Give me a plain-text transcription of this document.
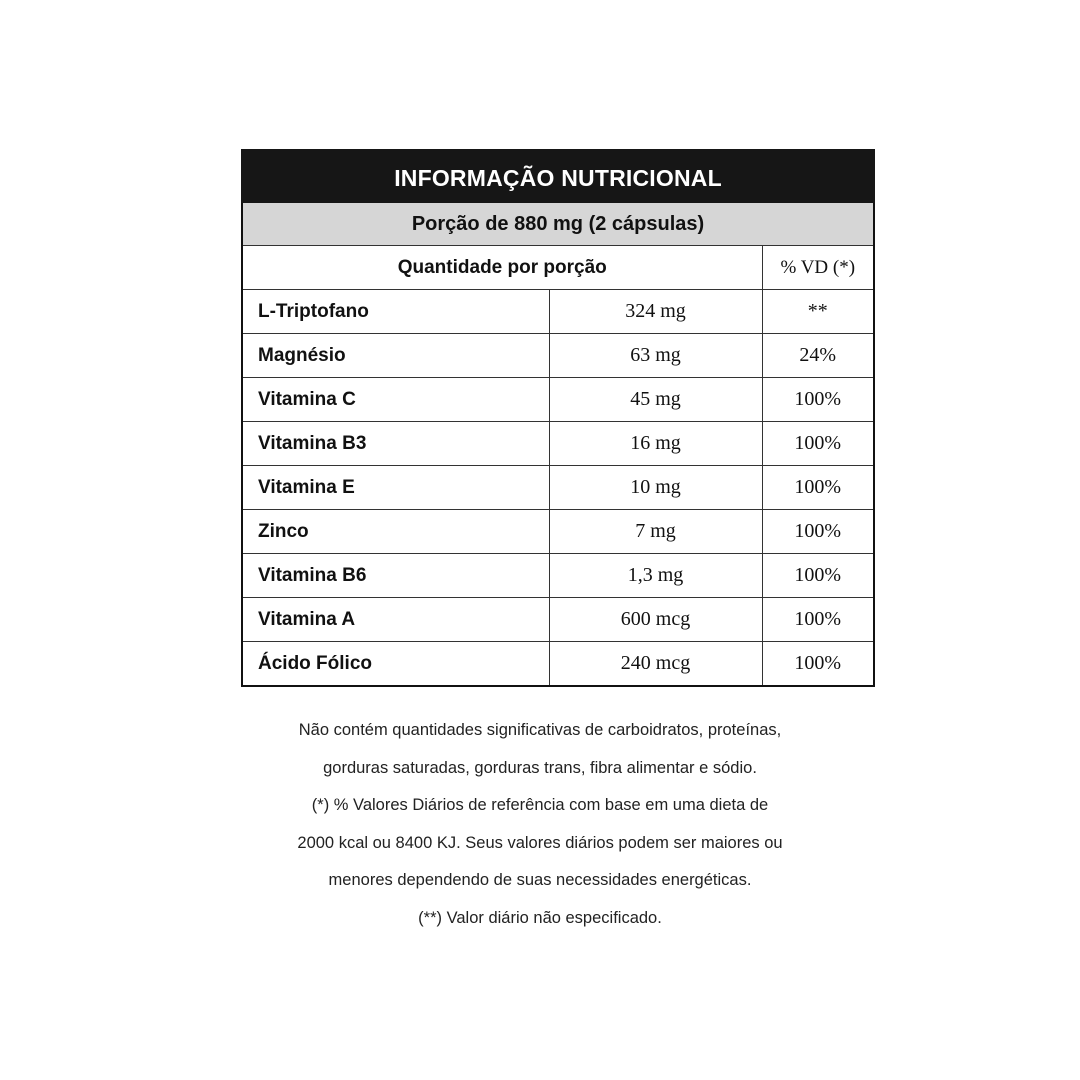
INFORMAÇÃO NUTRICIONAL		
Porção de 880 mg (2 cápsulas)		
Quantidade por porção		% VD (*)
L-Triptofano	324 mg	**
Magnésio	63 mg	24%
Vitamina C	45 mg	100%
Vitamina B3	16 mg	100%
Vitamina E	10 mg	100%
Zinco	7 mg	100%
Vitamina B6	1,3 mg	100%
Vitamina A	600 mcg	100%
Ácido Fólico	240 mcg	100%

Não contém quantidades significativas de carboidratos, proteínas,

gorduras saturadas, gorduras trans, fibra alimentar e sódio.

(*) % Valores Diários de referência com base em uma dieta de

2000 kcal ou 8400 KJ. Seus valores diários podem ser maiores ou

menores dependendo de suas necessidades energéticas.

(**) Valor diário não especificado.
